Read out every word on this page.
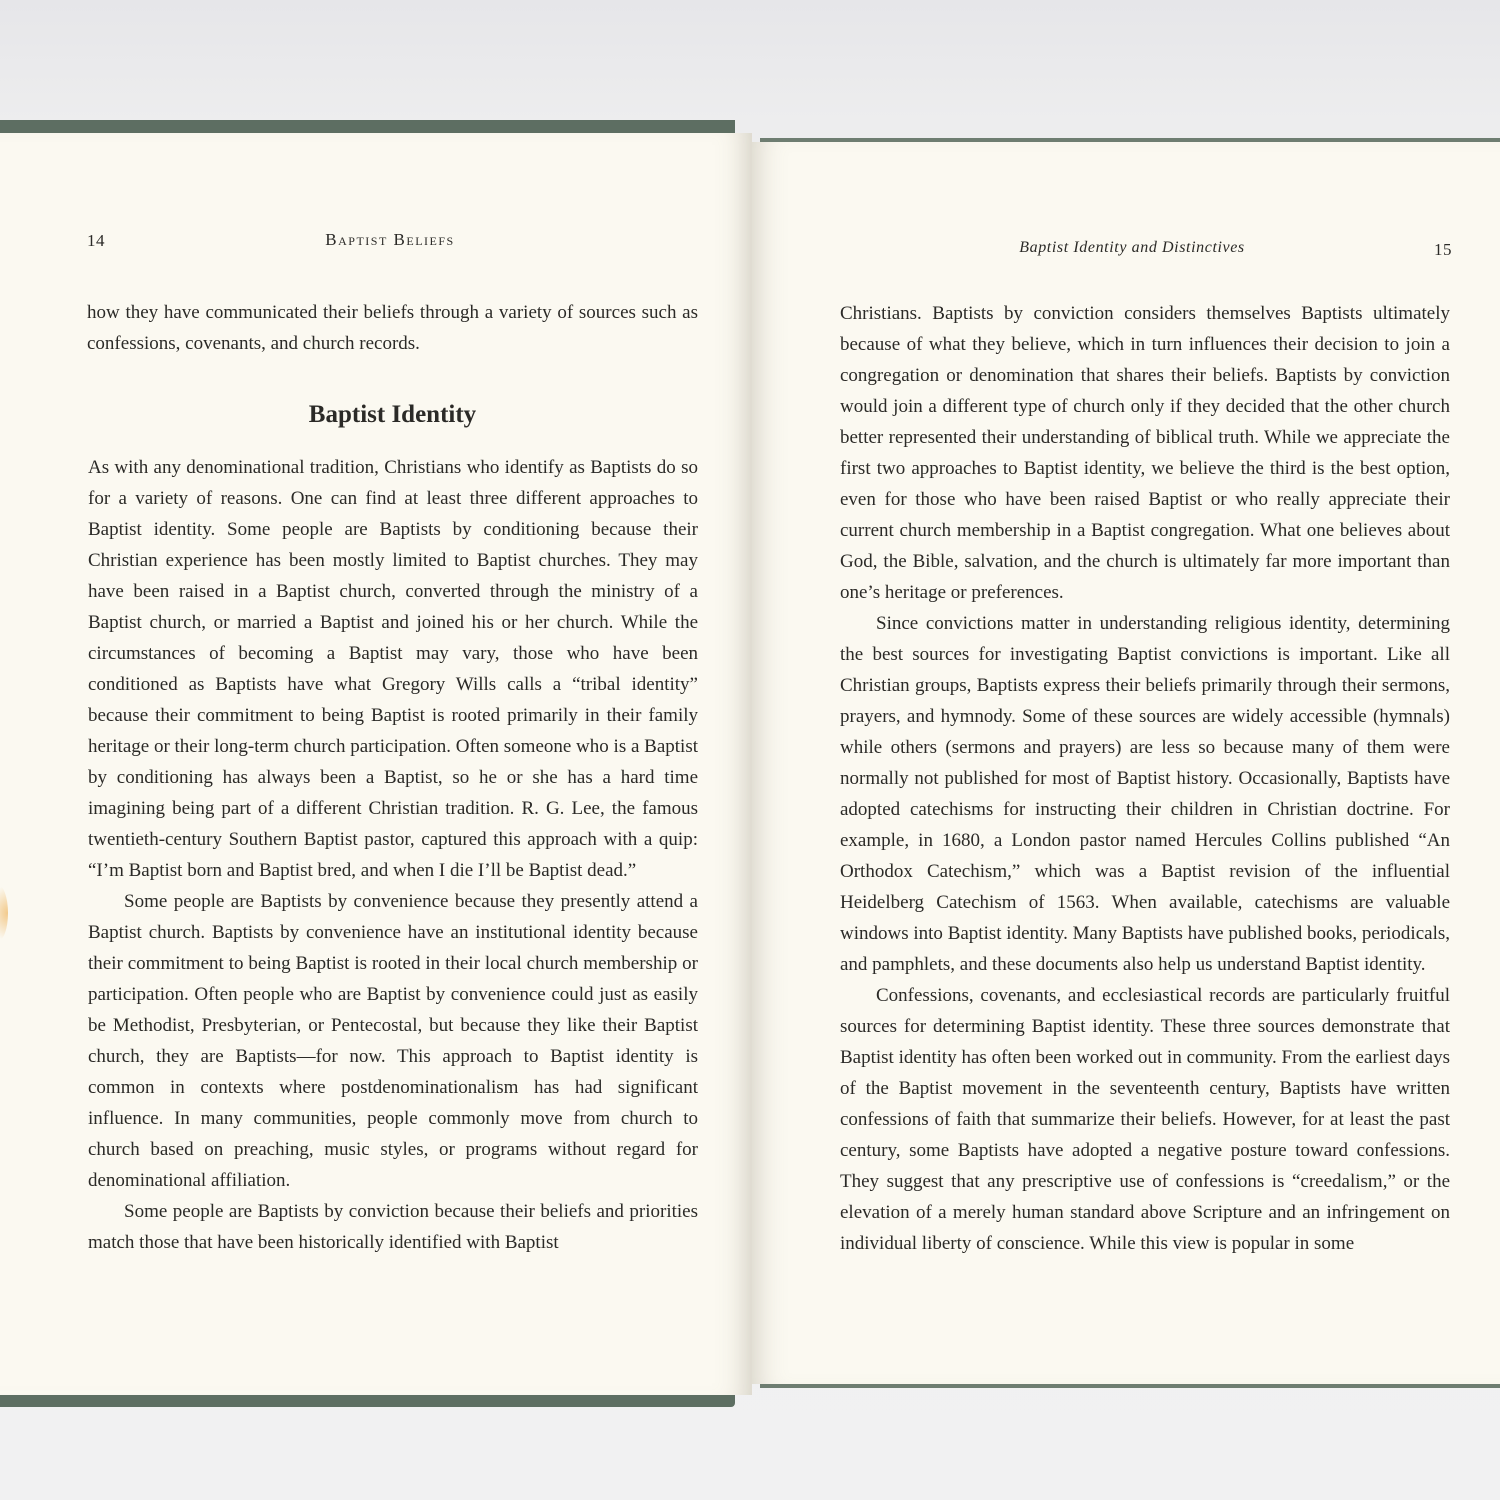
14	Baptist Beliefs

how they have communicated their beliefs through a variety of sources such as confessions, covenants, and church records.

Baptist Identity

As with any denominational tradition, Christians who identify as Baptists do so for a variety of reasons. One can find at least three different approaches to Baptist identity. Some people are Baptists by conditioning because their Christian experience has been mostly limited to Baptist churches. They may have been raised in a Baptist church, converted through the ministry of a Baptist church, or married a Baptist and joined his or her church. While the circumstances of becoming a Baptist may vary, those who have been conditioned as Baptists have what Gregory Wills calls a “tribal identity” because their commitment to being Baptist is rooted primarily in their family heritage or their long-term church participation. Often someone who is a Baptist by conditioning has always been a Baptist, so he or she has a hard time imagining being part of a different Christian tradition. R. G. Lee, the famous twentieth-century Southern Baptist pastor, captured this approach with a quip: “I’m Baptist born and Baptist bred, and when I die I’ll be Baptist dead.”

Some people are Baptists by convenience because they presently attend a Baptist church. Baptists by convenience have an institutional identity because their commitment to being Baptist is rooted in their local church membership or participation. Often people who are Baptist by convenience could just as easily be Methodist, Presbyterian, or Pentecostal, but because they like their Baptist church, they are Baptists—for now. This approach to Baptist identity is common in contexts where postdenominationalism has had significant influence. In many communities, people commonly move from church to church based on preaching, music styles, or programs without regard for denominational affiliation.

Some people are Baptists by conviction because their beliefs and priorities match those that have been historically identified with Baptist

Baptist Identity and Distinctives	15

Christians. Baptists by conviction considers themselves Baptists ultimately because of what they believe, which in turn influences their decision to join a congregation or denomination that shares their beliefs. Baptists by conviction would join a different type of church only if they decided that the other church better represented their understanding of biblical truth. While we appreciate the first two approaches to Baptist identity, we believe the third is the best option, even for those who have been raised Baptist or who really appreciate their current church membership in a Baptist congregation. What one believes about God, the Bible, salvation, and the church is ultimately far more important than one’s heritage or preferences.

Since convictions matter in understanding religious identity, determining the best sources for investigating Baptist convictions is important. Like all Christian groups, Baptists express their beliefs primarily through their sermons, prayers, and hymnody. Some of these sources are widely accessible (hymnals) while others (sermons and prayers) are less so because many of them were normally not published for most of Baptist history. Occasionally, Baptists have adopted catechisms for instructing their children in Christian doctrine. For example, in 1680, a London pastor named Hercules Collins published “An Orthodox Catechism,” which was a Baptist revision of the influential Heidelberg Catechism of 1563. When available, catechisms are valuable windows into Baptist identity. Many Baptists have published books, periodicals, and pamphlets, and these documents also help us understand Baptist identity.

Confessions, covenants, and ecclesiastical records are particularly fruitful sources for determining Baptist identity. These three sources demonstrate that Baptist identity has often been worked out in community. From the earliest days of the Baptist movement in the seventeenth century, Baptists have written confessions of faith that summarize their beliefs. However, for at least the past century, some Baptists have adopted a negative posture toward confessions. They suggest that any prescriptive use of confessions is “creedalism,” or the elevation of a merely human standard above Scripture and an infringement on individual liberty of conscience. While this view is popular in some
